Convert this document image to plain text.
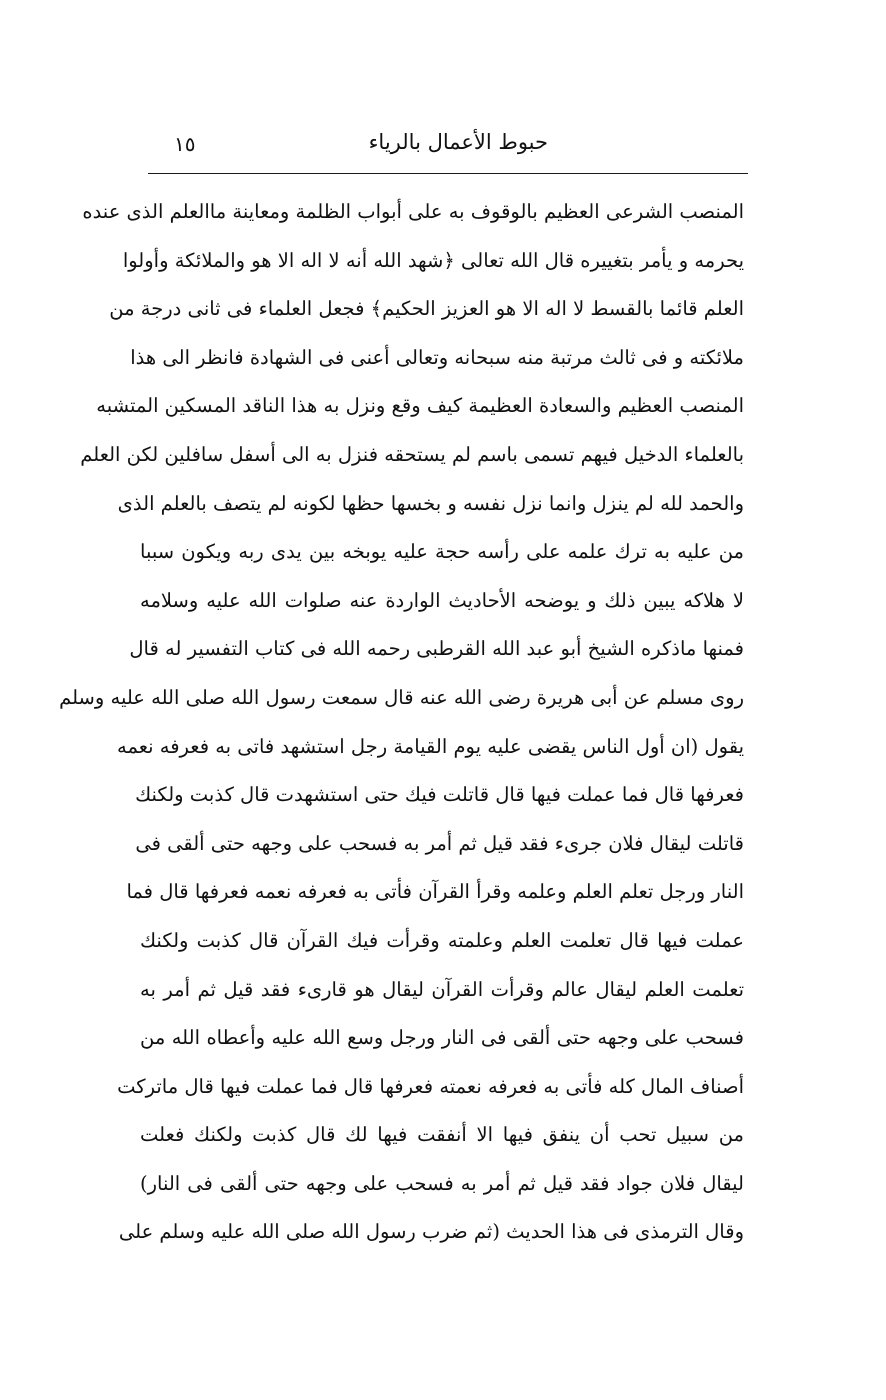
حبوط الأعمال بالرياء
١٥
المنصب الشرعى العظيم بالوقوف به على أبواب الظلمة ومعاينة ماالعلم الذى عنده
يحرمه و يأمر بتغييره قال الله تعالى ﴿شهد الله أنه لا اله الا هو والملائكة وأولوا
العلم قائما بالقسط لا اله الا هو العزيز الحكيم﴾ فجعل العلماء فى ثانى درجة من
ملائكته و فى ثالث مرتبة منه سبحانه وتعالى أعنى فى الشهادة فانظر الى هذا
المنصب العظيم والسعادة العظيمة كيف وقع ونزل به هذا الناقد المسكين المتشبه
بالعلماء الدخيل فيهم تسمى باسم لم يستحقه فنزل به الى أسفل سافلين لكن العلم
والحمد لله لم ينزل وانما نزل نفسه و بخسها حظها لكونه لم يتصف بالعلم الذى
من عليه به ترك علمه على رأسه حجة عليه يوبخه بين يدى ربه ويكون سببا
لا هلاكه يبين ذلك و يوضحه الأحاديث الواردة عنه صلوات الله عليه وسلامه
فمنها ماذكره الشيخ أبو عبد الله القرطبى رحمه الله فى كتاب التفسير له قال
روى مسلم عن أبى هريرة رضى الله عنه قال سمعت رسول الله صلى الله عليه وسلم
يقول (ان أول الناس يقضى عليه يوم القيامة رجل استشهد فاتى به فعرفه نعمه
فعرفها قال فما عملت فيها قال قاتلت فيك حتى استشهدت قال كذبت ولكنك
قاتلت ليقال فلان جرىء فقد قيل ثم أمر به فسحب على وجهه حتى ألقى فى
النار ورجل تعلم العلم وعلمه وقرأ القرآن فأتى به فعرفه نعمه فعرفها قال فما
عملت فيها قال تعلمت العلم وعلمته وقرأت فيك القرآن قال كذبت ولكنك
تعلمت العلم ليقال عالم وقرأت القرآن ليقال هو قارىء فقد قيل ثم أمر به
فسحب على وجهه حتى ألقى فى النار ورجل وسع الله عليه وأعطاه الله من
أصناف المال كله فأتى به فعرفه نعمته فعرفها قال فما عملت فيها قال ماتركت
من سبيل تحب أن ينفق فيها الا أنفقت فيها لك قال كذبت ولكنك فعلت
ليقال فلان جواد فقد قيل ثم أمر به فسحب على وجهه حتى ألقى فى النار)
وقال الترمذى فى هذا الحديث (ثم ضرب رسول الله صلى الله عليه وسلم على
